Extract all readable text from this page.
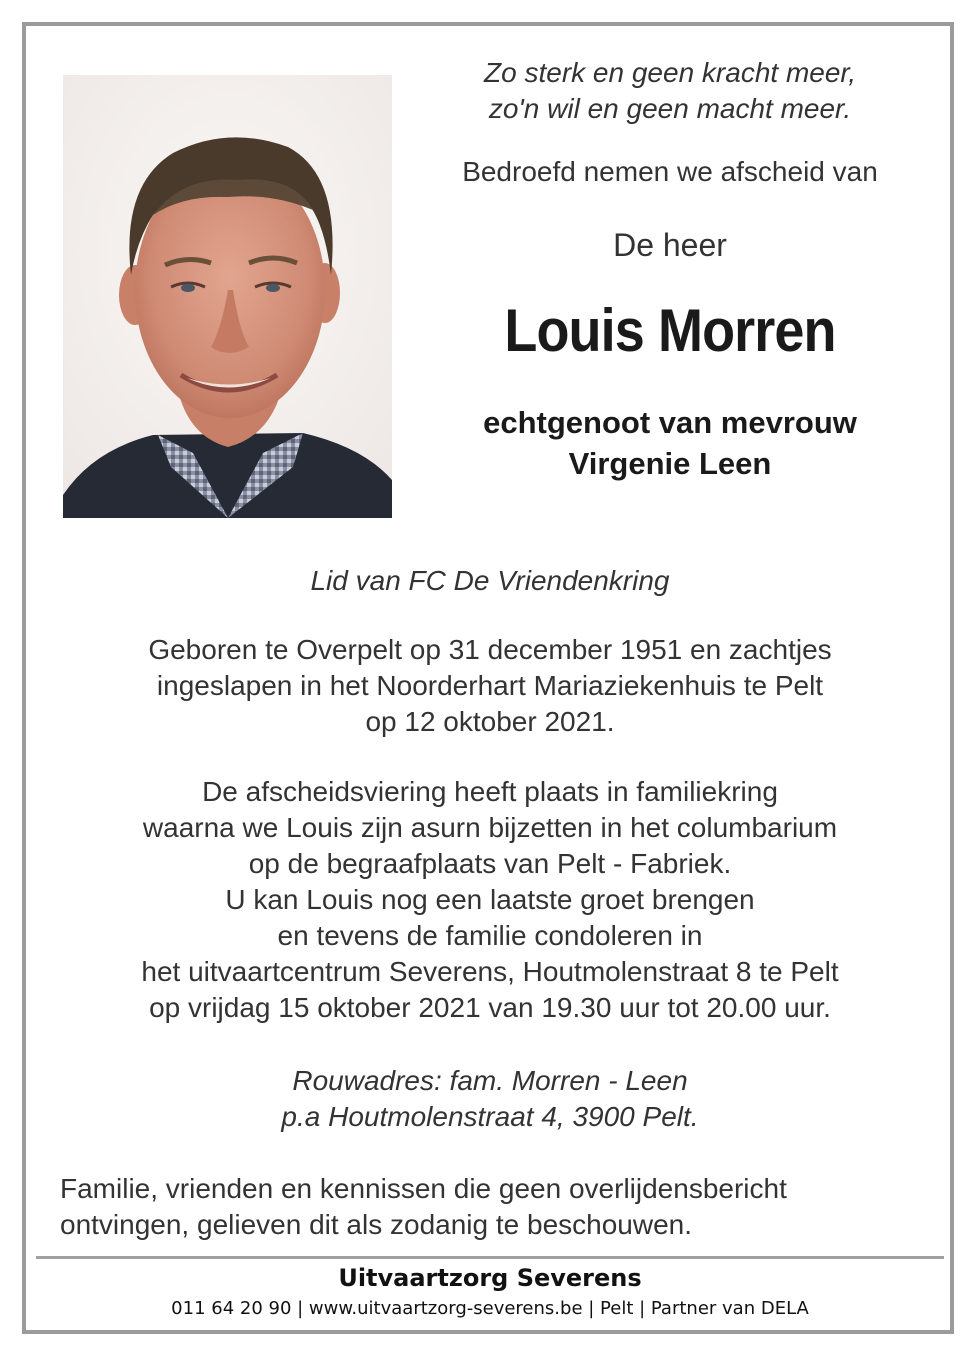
Zo sterk en geen kracht meer,
zo'n wil en geen macht meer.

Bedroefd nemen we afscheid van

De heer

Louis Morren

echtgenoot van mevrouw
Virgenie Leen

Lid van FC De Vriendenkring

Geboren te Overpelt op 31 december 1951 en zachtjes
ingeslapen in het Noorderhart Mariaziekenhuis te Pelt
op 12 oktober 2021.

De afscheidsviering heeft plaats in familiekring
waarna we Louis zijn asurn bijzetten in het columbarium
op de begraafplaats van Pelt - Fabriek.
U kan Louis nog een laatste groet brengen
en tevens de familie condoleren in
het uitvaartcentrum Severens, Houtmolenstraat 8 te Pelt
op vrijdag 15 oktober 2021 van 19.30 uur tot 20.00 uur.

Rouwadres: fam. Morren - Leen
p.a Houtmolenstraat 4, 3900 Pelt.

Familie, vrienden en kennissen die geen overlijdensbericht
ontvingen, gelieven dit als zodanig te beschouwen.

Uitvaartzorg Severens

011 64 20 90 | www.uitvaartzorg-severens.be | Pelt | Partner van DELA
